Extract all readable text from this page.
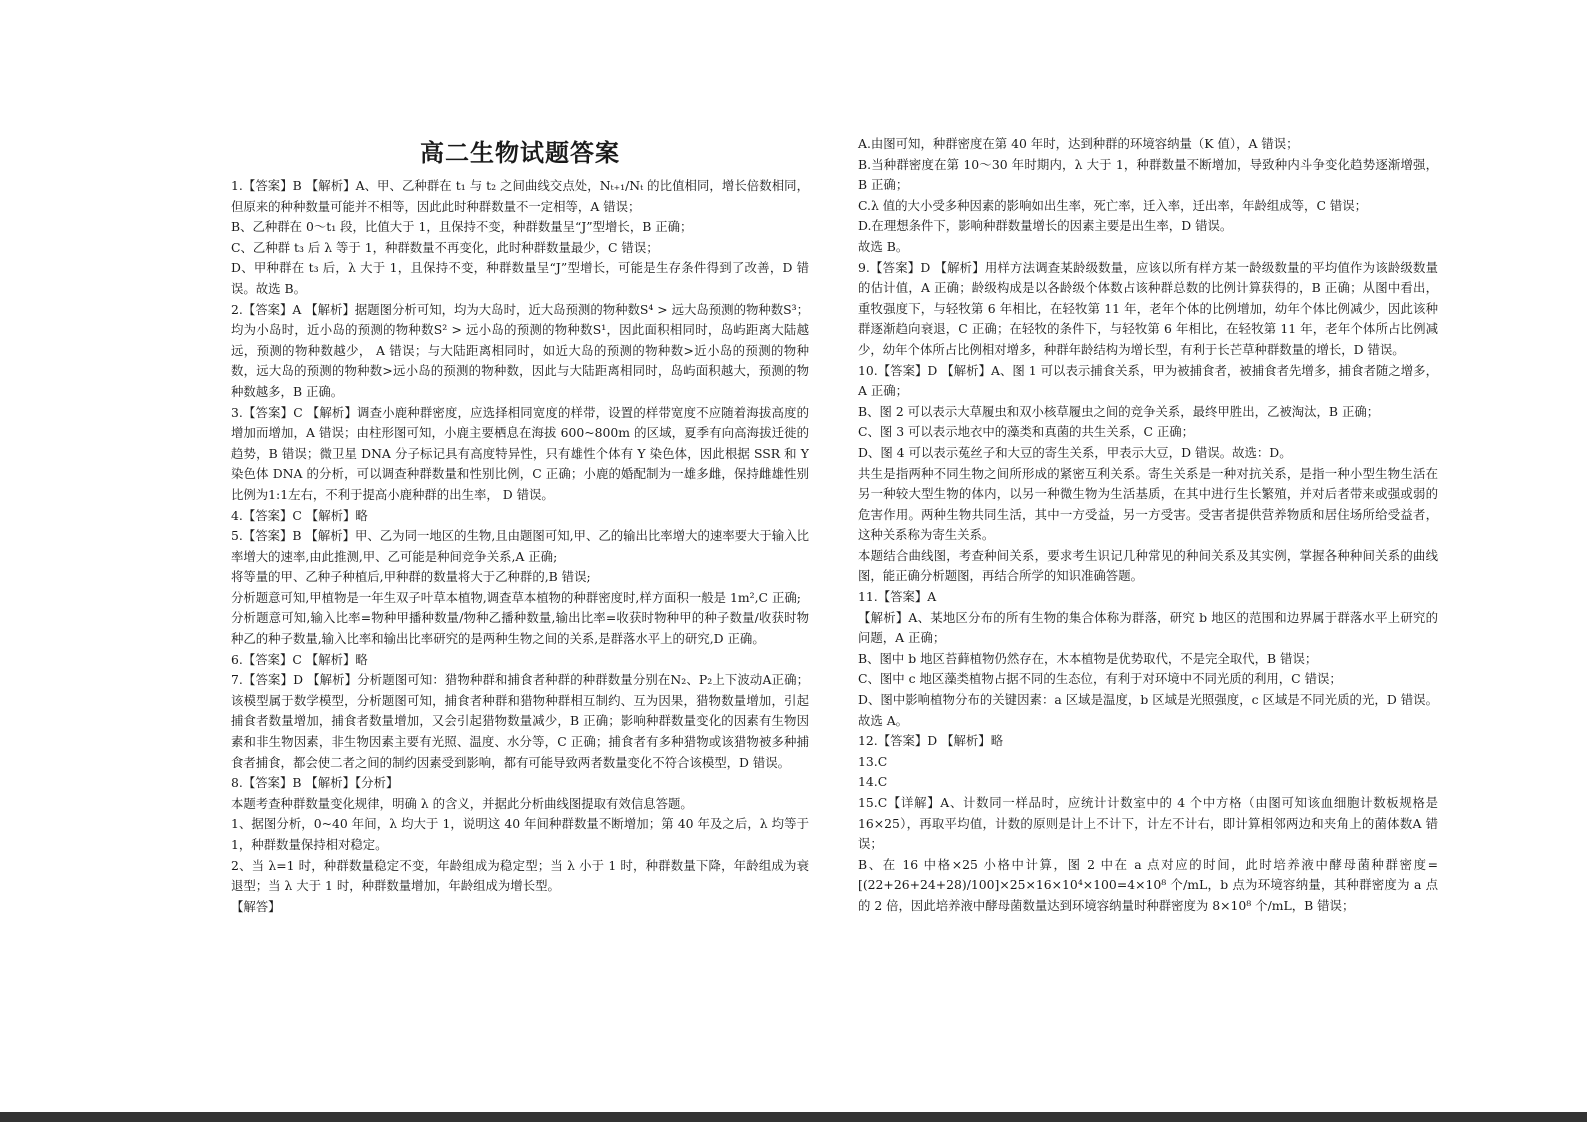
高二生物试题答案

1.【答案】B 【解析】A、甲、乙种群在 t₁ 与 t₂ 之间曲线交点处，Nₜ₊₁/Nₜ 的比值相同，增长倍数相同，但原来的种种数量可能并不相等，因此此时种群数量不一定相等，A 错误；

B、乙种群在 0～t₁ 段，比值大于 1，且保持不变，种群数量呈“J”型增长，B 正确；

C、乙种群 t₃ 后 λ 等于 1，种群数量不再变化，此时种群数量最少，C 错误；

D、甲种群在 t₃ 后，λ 大于 1，且保持不变，种群数量呈“J”型增长，可能是生存条件得到了改善，D 错误。故选 B。

2.【答案】A 【解析】据题图分析可知，均为大岛时，近大岛预测的物种数S⁴ > 远大岛预测的物种数S³；均为小岛时，近小岛的预测的物种数S² > 远小岛的预测的物种数S¹，因此面积相同时，岛屿距离大陆越远，预测的物种数越少， A 错误；与大陆距离相同时，如近大岛的预测的物种数>近小岛的预测的物种数，远大岛的预测的物种数>远小岛的预测的物种数，因此与大陆距离相同时，岛屿面积越大，预测的物种数越多，B 正确。

3.【答案】C 【解析】调查小鹿种群密度，应选择相同宽度的样带，设置的样带宽度不应随着海拔高度的增加而增加，A 错误；由柱形图可知，小鹿主要栖息在海拔 600~800m 的区域，夏季有向高海拔迁徙的趋势，B 错误；微卫星 DNA 分子标记具有高度特异性，只有雄性个体有 Y 染色体，因此根据 SSR 和 Y 染色体 DNA 的分析，可以调查种群数量和性别比例，C 正确；小鹿的婚配制为一雄多雌，保持雌雄性别比例为1:1左右，不利于提高小鹿种群的出生率， D 错误。

4.【答案】C 【解析】略

5.【答案】B 【解析】甲、乙为同一地区的生物,且由题图可知,甲、乙的输出比率增大的速率要大于输入比率增大的速率,由此推测,甲、乙可能是种间竞争关系,A 正确;

将等量的甲、乙种子种植后,甲种群的数量将大于乙种群的,B 错误;

分析题意可知,甲植物是一年生双子叶草本植物,调查草本植物的种群密度时,样方面积一般是 1m²,C 正确;

分析题意可知,输入比率=物种甲播种数量/物种乙播种数量,输出比率=收获时物种甲的种子数量/收获时物种乙的种子数量,输入比率和输出比率研究的是两种生物之间的关系,是群落水平上的研究,D 正确。

6.【答案】C 【解析】略

7.【答案】D 【解析】分析题图可知：猎物种群和捕食者种群的种群数量分别在N₂、P₂上下波动A正确；该模型属于数学模型，分析题图可知，捕食者种群和猎物种群相互制约、互为因果，猎物数量增加，引起捕食者数量增加，捕食者数量增加，又会引起猎物数量减少，B 正确；影响种群数量变化的因素有生物因素和非生物因素，非生物因素主要有光照、温度、水分等，C 正确；捕食者有多种猎物或该猎物被多种捕食者捕食，都会使二者之间的制约因素受到影响，都有可能导致两者数量变化不符合该模型，D 错误。

8.【答案】B 【解析】【分析】

本题考查种群数量变化规律，明确 λ 的含义，并据此分析曲线图提取有效信息答题。

1、据图分析，0~40 年间，λ 均大于 1，说明这 40 年间种群数量不断增加；第 40 年及之后，λ 均等于 1，种群数量保持相对稳定。

2、当 λ=1 时，种群数量稳定不变，年龄组成为稳定型；当 λ 小于 1 时，种群数量下降，年龄组成为衰退型；当 λ 大于 1 时，种群数量增加，年龄组成为增长型。

【解答】

A.由图可知，种群密度在第 40 年时，达到种群的环境容纳量（K 值），A 错误；

B.当种群密度在第 10～30 年时期内，λ 大于 1，种群数量不断增加，导致种内斗争变化趋势逐渐增强，B 正确；

C.λ 值的大小受多种因素的影响如出生率，死亡率，迁入率，迁出率，年龄组成等，C 错误；

D.在理想条件下，影响种群数量增长的因素主要是出生率，D 错误。

故选 B。

9.【答案】D 【解析】用样方法调查某龄级数量，应该以所有样方某一龄级数量的平均值作为该龄级数量的估计值，A 正确；龄级构成是以各龄级个体数占该种群总数的比例计算获得的，B 正确；从图中看出，重牧强度下，与轻牧第 6 年相比，在轻牧第 11 年，老年个体的比例增加，幼年个体比例减少，因此该种群逐渐趋向衰退，C 正确；在轻牧的条件下，与轻牧第 6 年相比，在轻牧第 11 年，老年个体所占比例减少，幼年个体所占比例相对增多，种群年龄结构为增长型，有利于长芒草种群数量的增长，D 错误。

10.【答案】D 【解析】A、图 1 可以表示捕食关系，甲为被捕食者，被捕食者先增多，捕食者随之增多，A 正确；

B、图 2 可以表示大草履虫和双小核草履虫之间的竞争关系，最终甲胜出，乙被淘汰，B 正确；

C、图 3 可以表示地衣中的藻类和真菌的共生关系，C 正确；

D、图 4 可以表示菟丝子和大豆的寄生关系，甲表示大豆，D 错误。故选：D。

共生是指两种不同生物之间所形成的紧密互利关系。寄生关系是一种对抗关系，是指一种小型生物生活在另一种较大型生物的体内，以另一种微生物为生活基质，在其中进行生长繁殖，并对后者带来或强或弱的危害作用。两种生物共同生活，其中一方受益，另一方受害。受害者提供营养物质和居住场所给受益者，这种关系称为寄生关系。

本题结合曲线图，考查种间关系，要求考生识记几种常见的种间关系及其实例，掌握各种种间关系的曲线图，能正确分析题图，再结合所学的知识准确答题。

11.【答案】A

【解析】A、某地区分布的所有生物的集合体称为群落，研究 b 地区的范围和边界属于群落水平上研究的问题，A 正确；

B、图中 b 地区苔藓植物仍然存在，木本植物是优势取代，不是完全取代，B 错误；

C、图中 c 地区藻类植物占据不同的生态位，有利于对环境中不同光质的利用，C 错误；

D、图中影响植物分布的关键因素：a 区域是温度，b 区域是光照强度，c 区域是不同光质的光，D 错误。故选 A。

12.【答案】D 【解析】略

13.C

14.C

15.C【详解】A、计数同一样品时，应统计计数室中的 4 个中方格（由图可知该血细胞计数板规格是 16×25），再取平均值，计数的原则是计上不计下，计左不计右，即计算相邻两边和夹角上的菌体数A 错误；

B、在 16 中格×25 小格中计算，图 2 中在 a 点对应的时间，此时培养液中酵母菌种群密度=[(22+26+24+28)/100]×25×16×10⁴×100=4×10⁸ 个/mL，b 点为环境容纳量，其种群密度为 a 点的 2 倍，因此培养液中酵母菌数量达到环境容纳量时种群密度为 8×10⁸ 个/mL，B 错误；
